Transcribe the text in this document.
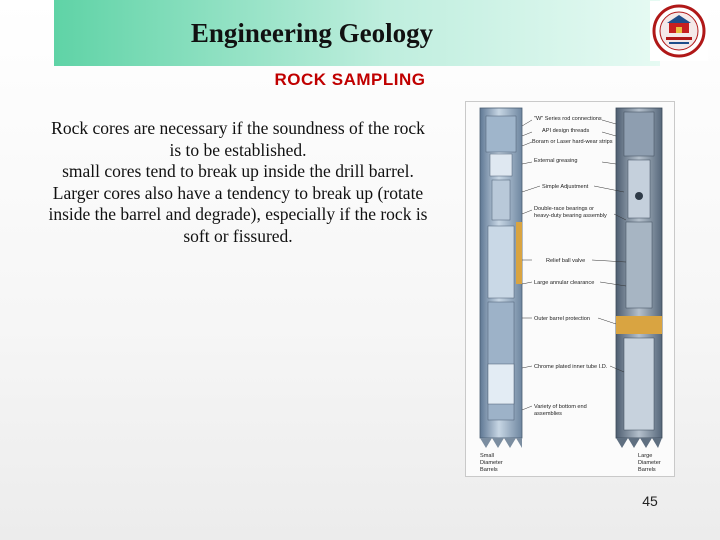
Engineering Geology
ROCK SAMPLING

Rock cores are necessary if the soundness of the rock is to be established.

small cores tend to break up inside the drill barrel.

Larger cores also have a tendency to break up (rotate inside the barrel and degrade), especially if the rock is soft or fissured.

"W" Series rod connections
API design threads
Borarn or Laser hard-wear strips
External greasing
Simple Adjustment
Double-race bearings or
heavy-duty bearing assembly
Relief ball valve
Large annular clearance
Outer barrel protection
Chrome plated inner tube I.D.
Variety of bottom end
assemblies
Small
Diameter
Barrels
Large
Diameter
Barrels
45
